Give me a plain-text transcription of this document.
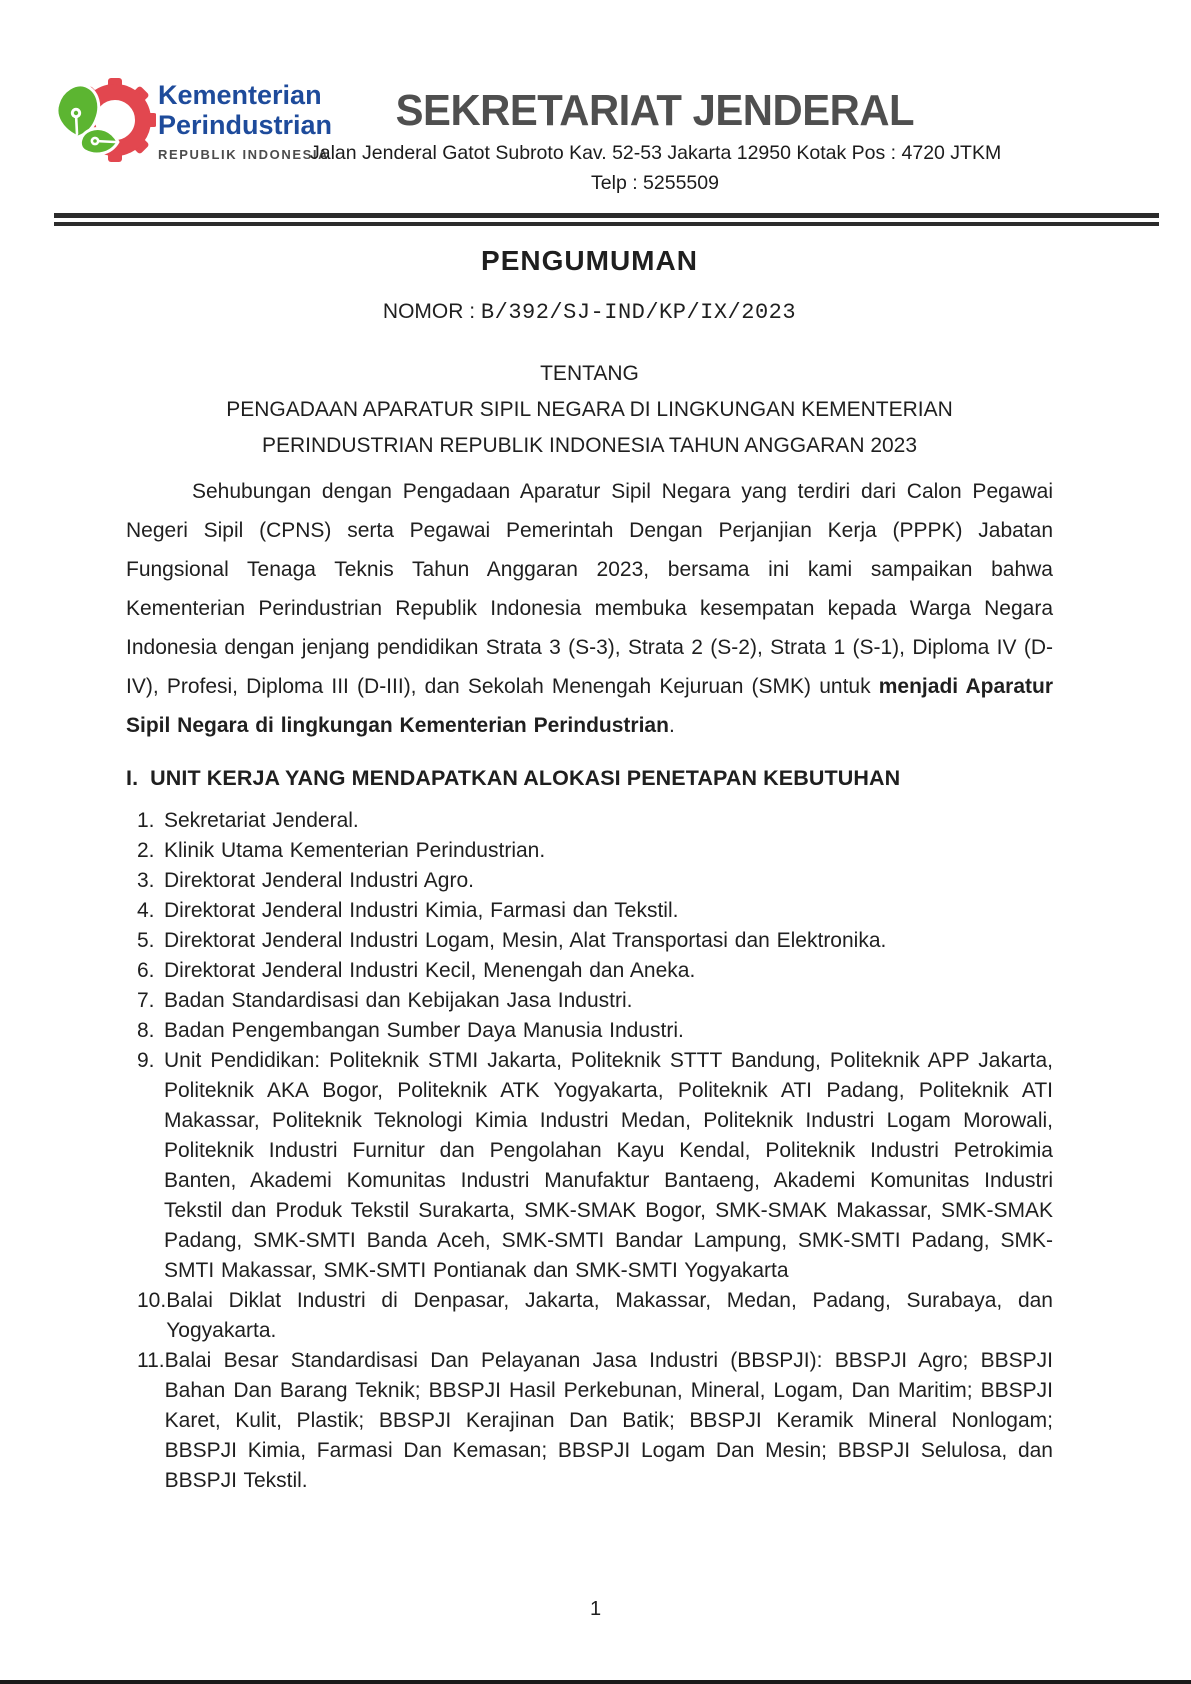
Kementerian
Perindustrian
REPUBLIK INDONESIA
SEKRETARIAT JENDERAL
Jalan Jenderal Gatot Subroto Kav. 52-53 Jakarta 12950 Kotak Pos : 4720 JTKM
Telp : 5255509
PENGUMUMAN
NOMOR : B/392/SJ-IND/KP/IX/2023
TENTANG
PENGADAAN APARATUR SIPIL NEGARA DI LINGKUNGAN KEMENTERIAN
PERINDUSTRIAN REPUBLIK INDONESIA TAHUN ANGGARAN 2023
Sehubungan dengan Pengadaan Aparatur Sipil Negara yang terdiri dari Calon Pegawai Negeri Sipil (CPNS) serta Pegawai Pemerintah Dengan Perjanjian Kerja (PPPK) Jabatan Fungsional Tenaga Teknis Tahun Anggaran 2023, bersama ini kami sampaikan bahwa Kementerian Perindustrian Republik Indonesia membuka kesempatan kepada Warga Negara Indonesia dengan jenjang pendidikan Strata 3 (S-3), Strata 2 (S-2), Strata 1 (S-1), Diploma IV (D-IV), Profesi, Diploma III (D-III), dan Sekolah Menengah Kejuruan (SMK) untuk menjadi Aparatur Sipil Negara di lingkungan Kementerian Perindustrian.
I. UNIT KERJA YANG MENDAPATKAN ALOKASI PENETAPAN KEBUTUHAN
1. Sekretariat Jenderal.
2. Klinik Utama Kementerian Perindustrian.
3. Direktorat Jenderal Industri Agro.
4. Direktorat Jenderal Industri Kimia, Farmasi dan Tekstil.
5. Direktorat Jenderal Industri Logam, Mesin, Alat Transportasi dan Elektronika.
6. Direktorat Jenderal Industri Kecil, Menengah dan Aneka.
7. Badan Standardisasi dan Kebijakan Jasa Industri.
8. Badan Pengembangan Sumber Daya Manusia Industri.
9. Unit Pendidikan: Politeknik STMI Jakarta, Politeknik STTT Bandung, Politeknik APP Jakarta, Politeknik AKA Bogor, Politeknik ATK Yogyakarta, Politeknik ATI Padang, Politeknik ATI Makassar, Politeknik Teknologi Kimia Industri Medan, Politeknik Industri Logam Morowali, Politeknik Industri Furnitur dan Pengolahan Kayu Kendal, Politeknik Industri Petrokimia Banten, Akademi Komunitas Industri Manufaktur Bantaeng, Akademi Komunitas Industri Tekstil dan Produk Tekstil Surakarta, SMK-SMAK Bogor, SMK-SMAK Makassar, SMK-SMAK Padang, SMK-SMTI Banda Aceh, SMK-SMTI Bandar Lampung, SMK-SMTI Padang, SMK-SMTI Makassar, SMK-SMTI Pontianak dan SMK-SMTI Yogyakarta
10. Balai Diklat Industri di Denpasar, Jakarta, Makassar, Medan, Padang, Surabaya, dan Yogyakarta.
11. Balai Besar Standardisasi Dan Pelayanan Jasa Industri (BBSPJI): BBSPJI Agro; BBSPJI Bahan Dan Barang Teknik; BBSPJI Hasil Perkebunan, Mineral, Logam, Dan Maritim; BBSPJI Karet, Kulit, Plastik; BBSPJI Kerajinan Dan Batik; BBSPJI Keramik Mineral Nonlogam; BBSPJI Kimia, Farmasi Dan Kemasan; BBSPJI Logam Dan Mesin; BBSPJI Selulosa, dan BBSPJI Tekstil.
1
